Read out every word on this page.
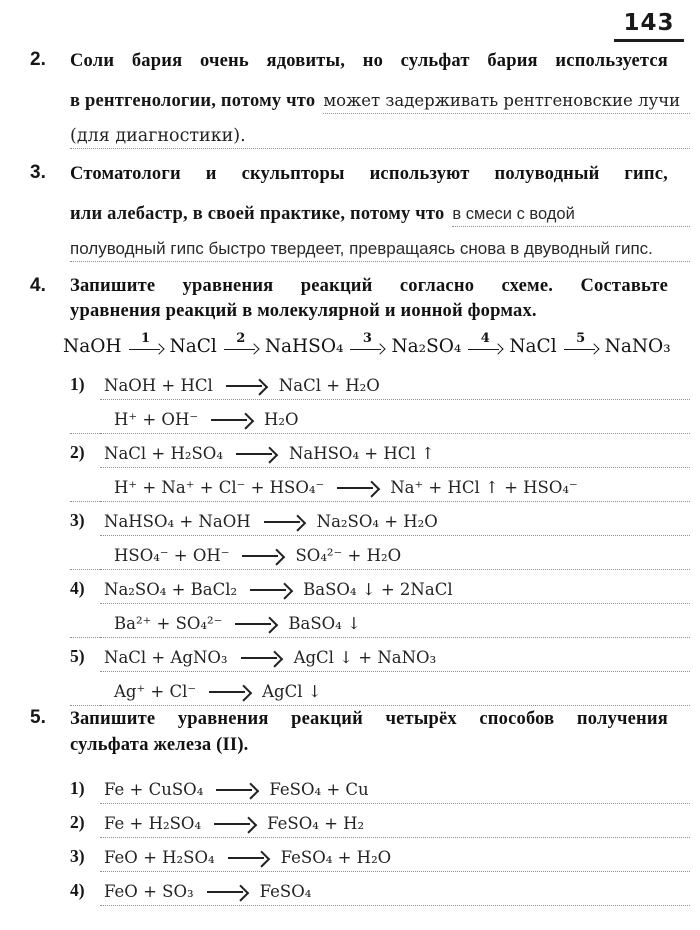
143
2.	Соли бария очень ядовиты, но сульфат бария используется
в рентгенологии, потому что может задерживать рентгеновские лучи
(для диагностики).
3.	Стоматологи и скульпторы используют полуводный гипс,
или алебастр, в своей практике, потому что в смеси с водой
полуводный гипс быстро твердеет, превращаясь снова в двуводный гипс.
4.	Запишите уравнения реакций согласно схеме. Составьте
уравнения реакций в молекулярной и ионной формах.
NaOH	1	NaCl	2	NaHSO₄	3	Na₂SO₄	4	NaCl	5	NaNO₃
1)	NaOH + HCl → NaCl + H₂O
H⁺ + OH⁻ → H₂O
2)	NaCl + H₂SO₄ → NaHSO₄ + HCl ↑
H⁺ + Na⁺ + Cl⁻ + HSO₄⁻ → Na⁺ + HCl ↑ + HSO₄⁻
3)	NaHSO₄ + NaOH → Na₂SO₄ + H₂O
HSO₄⁻ + OH⁻ → SO₄²⁻ + H₂O
4)	Na₂SO₄ + BaCl₂ → BaSO₄ ↓ + 2NaCl
Ba²⁺ + SO₄²⁻ → BaSO₄ ↓
5)	NaCl + AgNO₃ → AgCl ↓ + NaNO₃
Ag⁺ + Cl⁻ → AgCl ↓
5.	Запишите уравнения реакций четырёх способов получения
сульфата железа (II).
1)	Fe + CuSO₄ → FeSO₄ + Cu
2)	Fe + H₂SO₄ → FeSO₄ + H₂
3)	FeO + H₂SO₄ → FeSO₄ + H₂O
4)	FeO + SO₃ → FeSO₄
